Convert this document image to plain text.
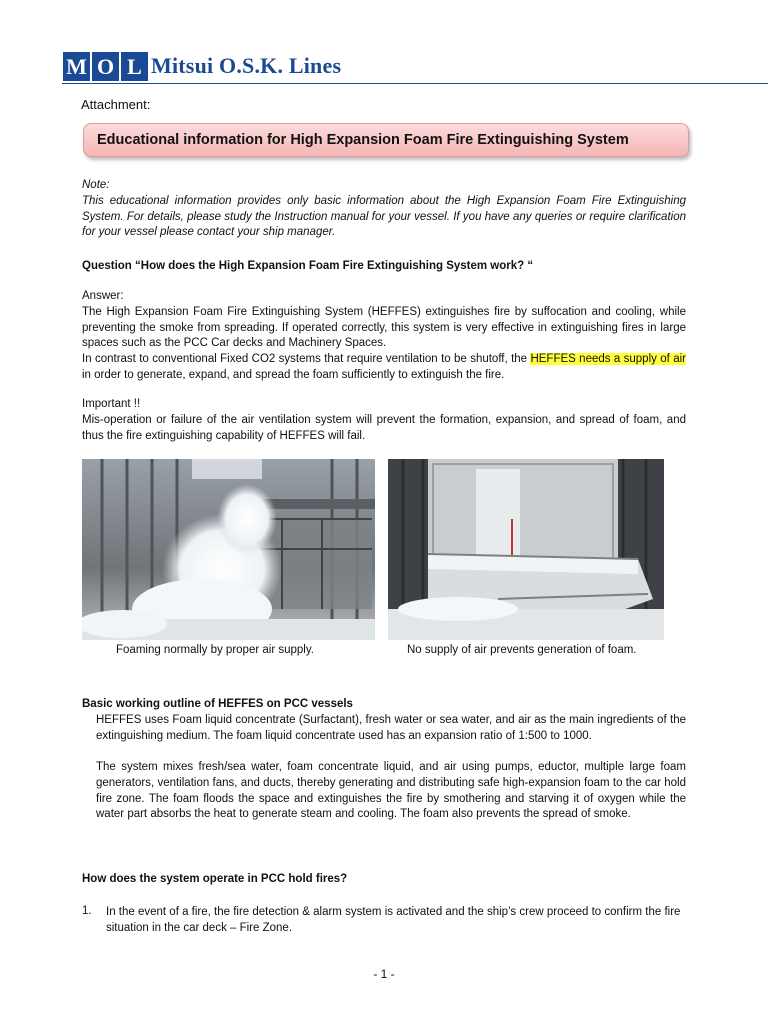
M O L Mitsui O.S.K. Lines
Attachment:
Educational information for High Expansion Foam Fire Extinguishing System
Note:
This educational information provides only basic information about the High Expansion Foam Fire Extinguishing System. For details, please study the Instruction manual for your vessel. If you have any queries or require clarification for your vessel please contact your ship manager.
Question “How does the High Expansion Foam Fire Extinguishing System work? “
Answer:
The High Expansion Foam Fire Extinguishing System (HEFFES) extinguishes fire by suffocation and cooling, while preventing the smoke from spreading. If operated correctly, this system is very effective in extinguishing fires in large spaces such as the PCC Car decks and Machinery Spaces.
In contrast to conventional Fixed CO2 systems that require ventilation to be shutoff, the HEFFES needs a supply of air in order to generate, expand, and spread the foam sufficiently to extinguish the fire.
Important !!
Mis-operation or failure of the air ventilation system will prevent the formation, expansion, and spread of foam, and thus the fire extinguishing capability of HEFFES will fail.
Foaming normally by proper air supply.	No supply of air prevents generation of foam.
Basic working outline of HEFFES on PCC vessels
HEFFES uses Foam liquid concentrate (Surfactant), fresh water or sea water, and air as the main ingredients of the extinguishing medium. The foam liquid concentrate used has an expansion ratio of 1:500 to 1000.
The system mixes fresh/sea water, foam concentrate liquid, and air using pumps, eductor, multiple large foam generators, ventilation fans, and ducts, thereby generating and distributing safe high-expansion foam to the car hold fire zone. The foam floods the space and extinguishes the fire by smothering and starving it of oxygen while the water part absorbs the heat to generate steam and cooling. The foam also prevents the spread of smoke.
How does the system operate in PCC hold fires?
1. In the event of a fire, the fire detection & alarm system is activated and the ship’s crew proceed to confirm the fire situation in the car deck – Fire Zone.
- 1 -
